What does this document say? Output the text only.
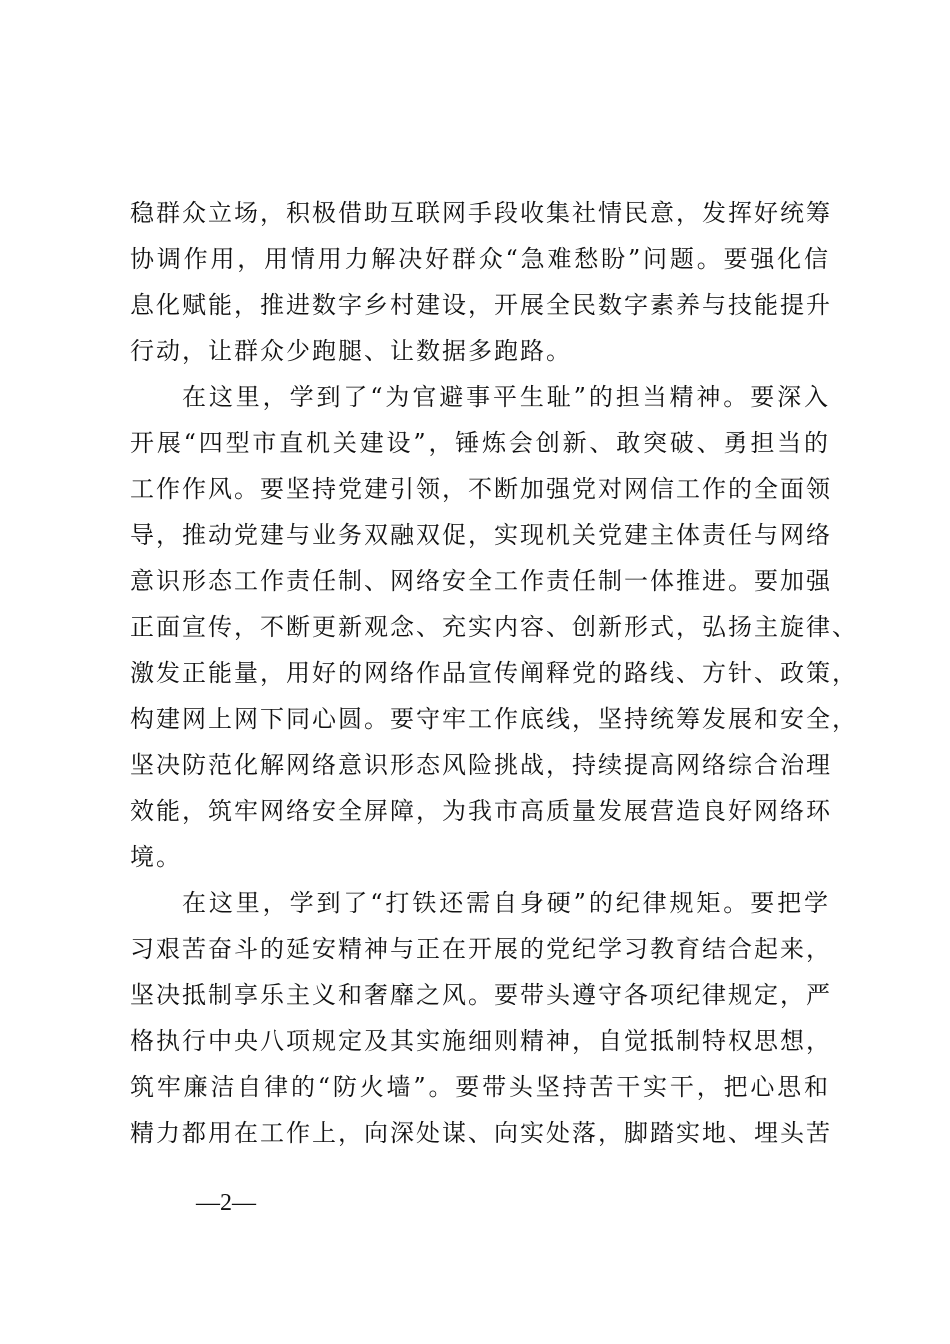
稳群众立场，积极借助互联网手段收集社情民意，发挥好统筹
协调作用，用情用力解决好群众“急难愁盼”问题。要强化信
息化赋能，推进数字乡村建设，开展全民数字素养与技能提升
行动，让群众少跑腿、让数据多跑路。
在这里，学到了“为官避事平生耻”的担当精神。要深入
开展“四型市直机关建设”，锤炼会创新、敢突破、勇担当的
工作作风。要坚持党建引领，不断加强党对网信工作的全面领
导，推动党建与业务双融双促，实现机关党建主体责任与网络
意识形态工作责任制、网络安全工作责任制一体推进。要加强
正面宣传，不断更新观念、充实内容、创新形式，弘扬主旋律、
激发正能量，用好的网络作品宣传阐释党的路线、方针、政策，
构建网上网下同心圆。要守牢工作底线，坚持统筹发展和安全，
坚决防范化解网络意识形态风险挑战，持续提高网络综合治理
效能，筑牢网络安全屏障，为我市高质量发展营造良好网络环
境。
在这里，学到了“打铁还需自身硬”的纪律规矩。要把学
习艰苦奋斗的延安精神与正在开展的党纪学习教育结合起来，
坚决抵制享乐主义和奢靡之风。要带头遵守各项纪律规定，严
格执行中央八项规定及其实施细则精神，自觉抵制特权思想，
筑牢廉洁自律的“防火墙”。要带头坚持苦干实干，把心思和
精力都用在工作上，向深处谋、向实处落，脚踏实地、埋头苦
—2—
